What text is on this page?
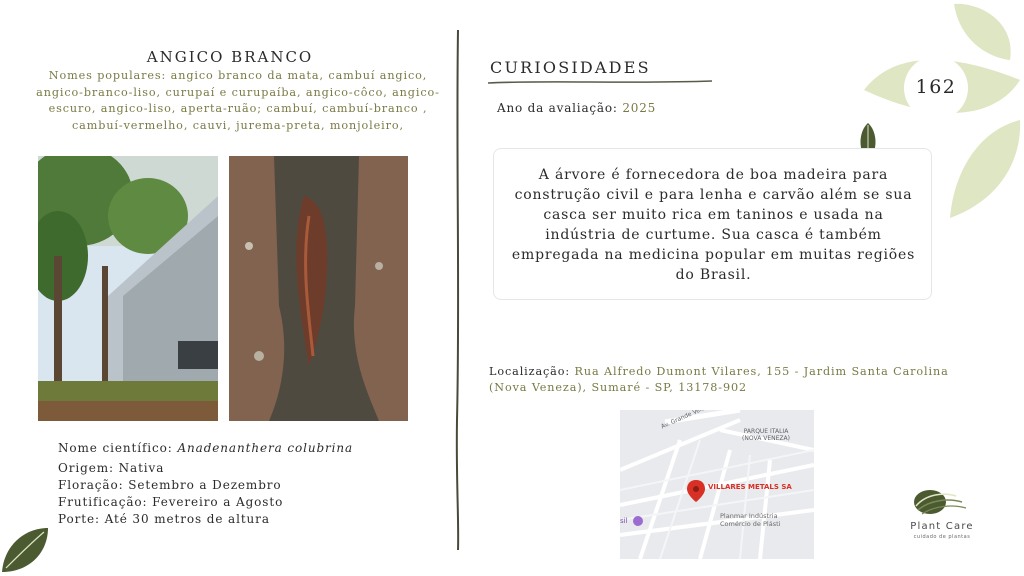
162
ANGICO BRANCO
Nomes populares: angico branco da mata, cambuí angico, angico-branco-liso, curupaí e curupaíba, angico-côco, angico-escuro, angico-liso, aperta-ruão; cambuí, cambuí-branco , cambuí-vermelho, cauvi, jurema-preta, monjoleiro,
Nome científico: Anadenanthera colubrina
Origem: Nativa
Floração: Setembro a Dezembro
Frutificação: Fevereiro a Agosto
Porte: Até 30 metros de altura
CURIOSIDADES
Ano da avaliação: 2025
A árvore é fornecedora de boa madeira para construção civil e para lenha e carvão além se sua casca ser muito rica em taninos e usada na indústria de curtume. Sua casca é também empregada na medicina popular em muitas regiões do Brasil.
Localização: Rua Alfredo Dumont Vilares, 155 - Jardim Santa Carolina (Nova Veneza), Sumaré - SP, 13178-902
PARQUE ITALIA (NOVA VENEZA)
VILLARES METALS SA
Planmar Indústria Comércio de Plásti
sil	Plant Care
cuidado de plantas
